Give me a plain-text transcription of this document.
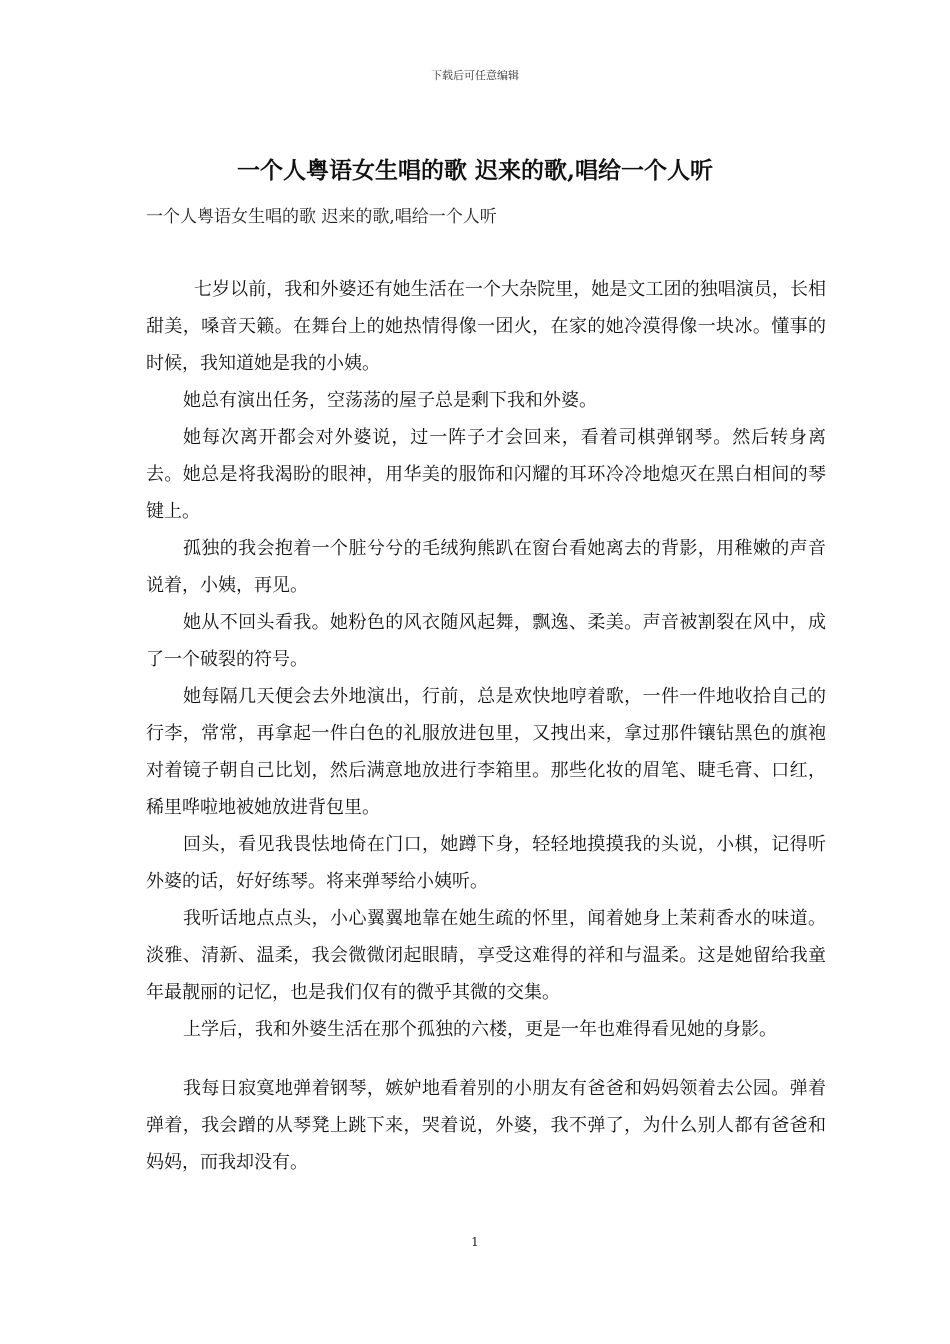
下载后可任意编辑
一个人粤语女生唱的歌 迟来的歌,唱给一个人听
一个人粤语女生唱的歌 迟来的歌,唱给一个人听

七岁以前，我和外婆还有她生活在一个大杂院里，她是文工团的独唱演员，长相甜美，嗓音天籁。在舞台上的她热情得像一团火，在家的她冷漠得像一块冰。懂事的时候，我知道她是我的小姨。

她总有演出任务，空荡荡的屋子总是剩下我和外婆。

她每次离开都会对外婆说，过一阵子才会回来，看着司棋弹钢琴。然后转身离去。她总是将我渴盼的眼神，用华美的服饰和闪耀的耳环冷冷地熄灭在黑白相间的琴键上。

孤独的我会抱着一个脏兮兮的毛绒狗熊趴在窗台看她离去的背影，用稚嫩的声音说着，小姨，再见。

她从不回头看我。她粉色的风衣随风起舞，飘逸、柔美。声音被割裂在风中，成了一个破裂的符号。

她每隔几天便会去外地演出，行前，总是欢快地哼着歌，一件一件地收拾自己的行李，常常，再拿起一件白色的礼服放进包里，又拽出来，拿过那件镶钻黑色的旗袍对着镜子朝自己比划，然后满意地放进行李箱里。那些化妆的眉笔、睫毛膏、口红，稀里哗啦地被她放进背包里。

回头，看见我畏怯地倚在门口，她蹲下身，轻轻地摸摸我的头说，小棋，记得听外婆的话，好好练琴。将来弹琴给小姨听。

我听话地点点头，小心翼翼地靠在她生疏的怀里，闻着她身上茉莉香水的味道。淡雅、清新、温柔，我会微微闭起眼睛，享受这难得的祥和与温柔。这是她留给我童年最靓丽的记忆，也是我们仅有的微乎其微的交集。

上学后，我和外婆生活在那个孤独的六楼，更是一年也难得看见她的身影。

我每日寂寞地弹着钢琴，嫉妒地看着别的小朋友有爸爸和妈妈领着去公园。弹着弹着，我会蹭的从琴凳上跳下来，哭着说，外婆，我不弹了，为什么别人都有爸爸和妈妈，而我却没有。

1
